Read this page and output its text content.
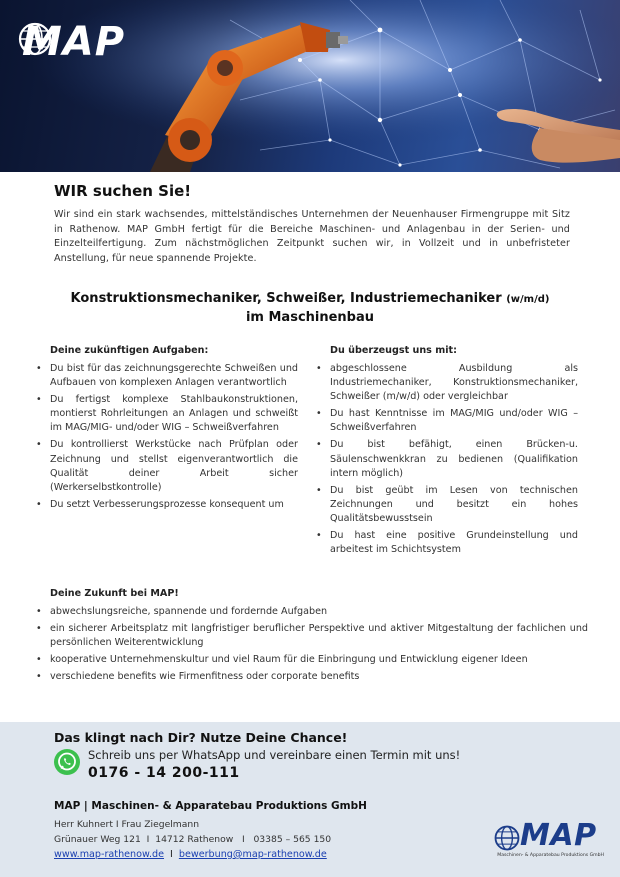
MAP
WIR suchen Sie!

Wir sind ein stark wachsendes, mittelständisches Unternehmen der Neuenhauser Firmengruppe mit Sitz in Rathenow. MAP GmbH fertigt für die Bereiche Maschinen- und Anlagenbau in der Serien- und Einzelteilfertigung. Zum nächstmöglichen Zeitpunkt suchen wir, in Vollzeit und in unbefristeter Anstellung, für neue spannende Projekte.

Konstruktionsmechaniker, Schweißer, Industriemechaniker (w/m/d)
im Maschinenbau
Deine zukünftigen Aufgaben:
• Du bist für das zeichnungsgerechte Schweißen und Aufbauen von komplexen Anlagen verantwortlich
• Du fertigst komplexe Stahlbaukonstruktionen, montierst Rohrleitungen an Anlagen und schweißt im MAG/MIG- und/oder WIG – Schweißverfahren
• Du kontrollierst Werkstücke nach Prüfplan oder Zeichnung und stellst eigenverantwortlich die Qualität deiner Arbeit sicher (Werkerselbstkontrolle)
• Du setzt Verbesserungsprozesse konsequent um
Du überzeugst uns mit:
• abgeschlossene Ausbildung als Industriemechaniker, Konstruktionsmechaniker, Schweißer (m/w/d) oder vergleichbar
• Du hast Kenntnisse im MAG/MIG und/oder WIG – Schweißverfahren
• Du bist befähigt, einen Brücken-u. Säulenschwenkkran zu bedienen (Qualifikation intern möglich)
• Du bist geübt im Lesen von technischen Zeichnungen und besitzt ein hohes Qualitätsbewusstsein
• Du hast eine positive Grundeinstellung und arbeitest im Schichtsystem
Deine Zukunft bei MAP!
• abwechslungsreiche, spannende und fordernde Aufgaben
• ein sicherer Arbeitsplatz mit langfristiger beruflicher Perspektive und aktiver Mitgestaltung der fachlichen und persönlichen Weiterentwicklung
• kooperative Unternehmenskultur und viel Raum für die Einbringung und Entwicklung eigener Ideen
• verschiedene benefits wie Firmenfitness oder corporate benefits
Das klingt nach Dir? Nutze Deine Chance!
Schreib uns per WhatsApp und vereinbare einen Termin mit uns!
0176 - 14 200-111
MAP | Maschinen- & Apparatebau Produktions GmbH
Herr Kuhnert I Frau Ziegelmann
Grünauer Weg 121  I  14712 Rathenow   I   03385 – 565 150
www.map-rathenow.de I bewerbung@map-rathenow.de
MAP
Maschinen- & Apparatebau Produktions GmbH
